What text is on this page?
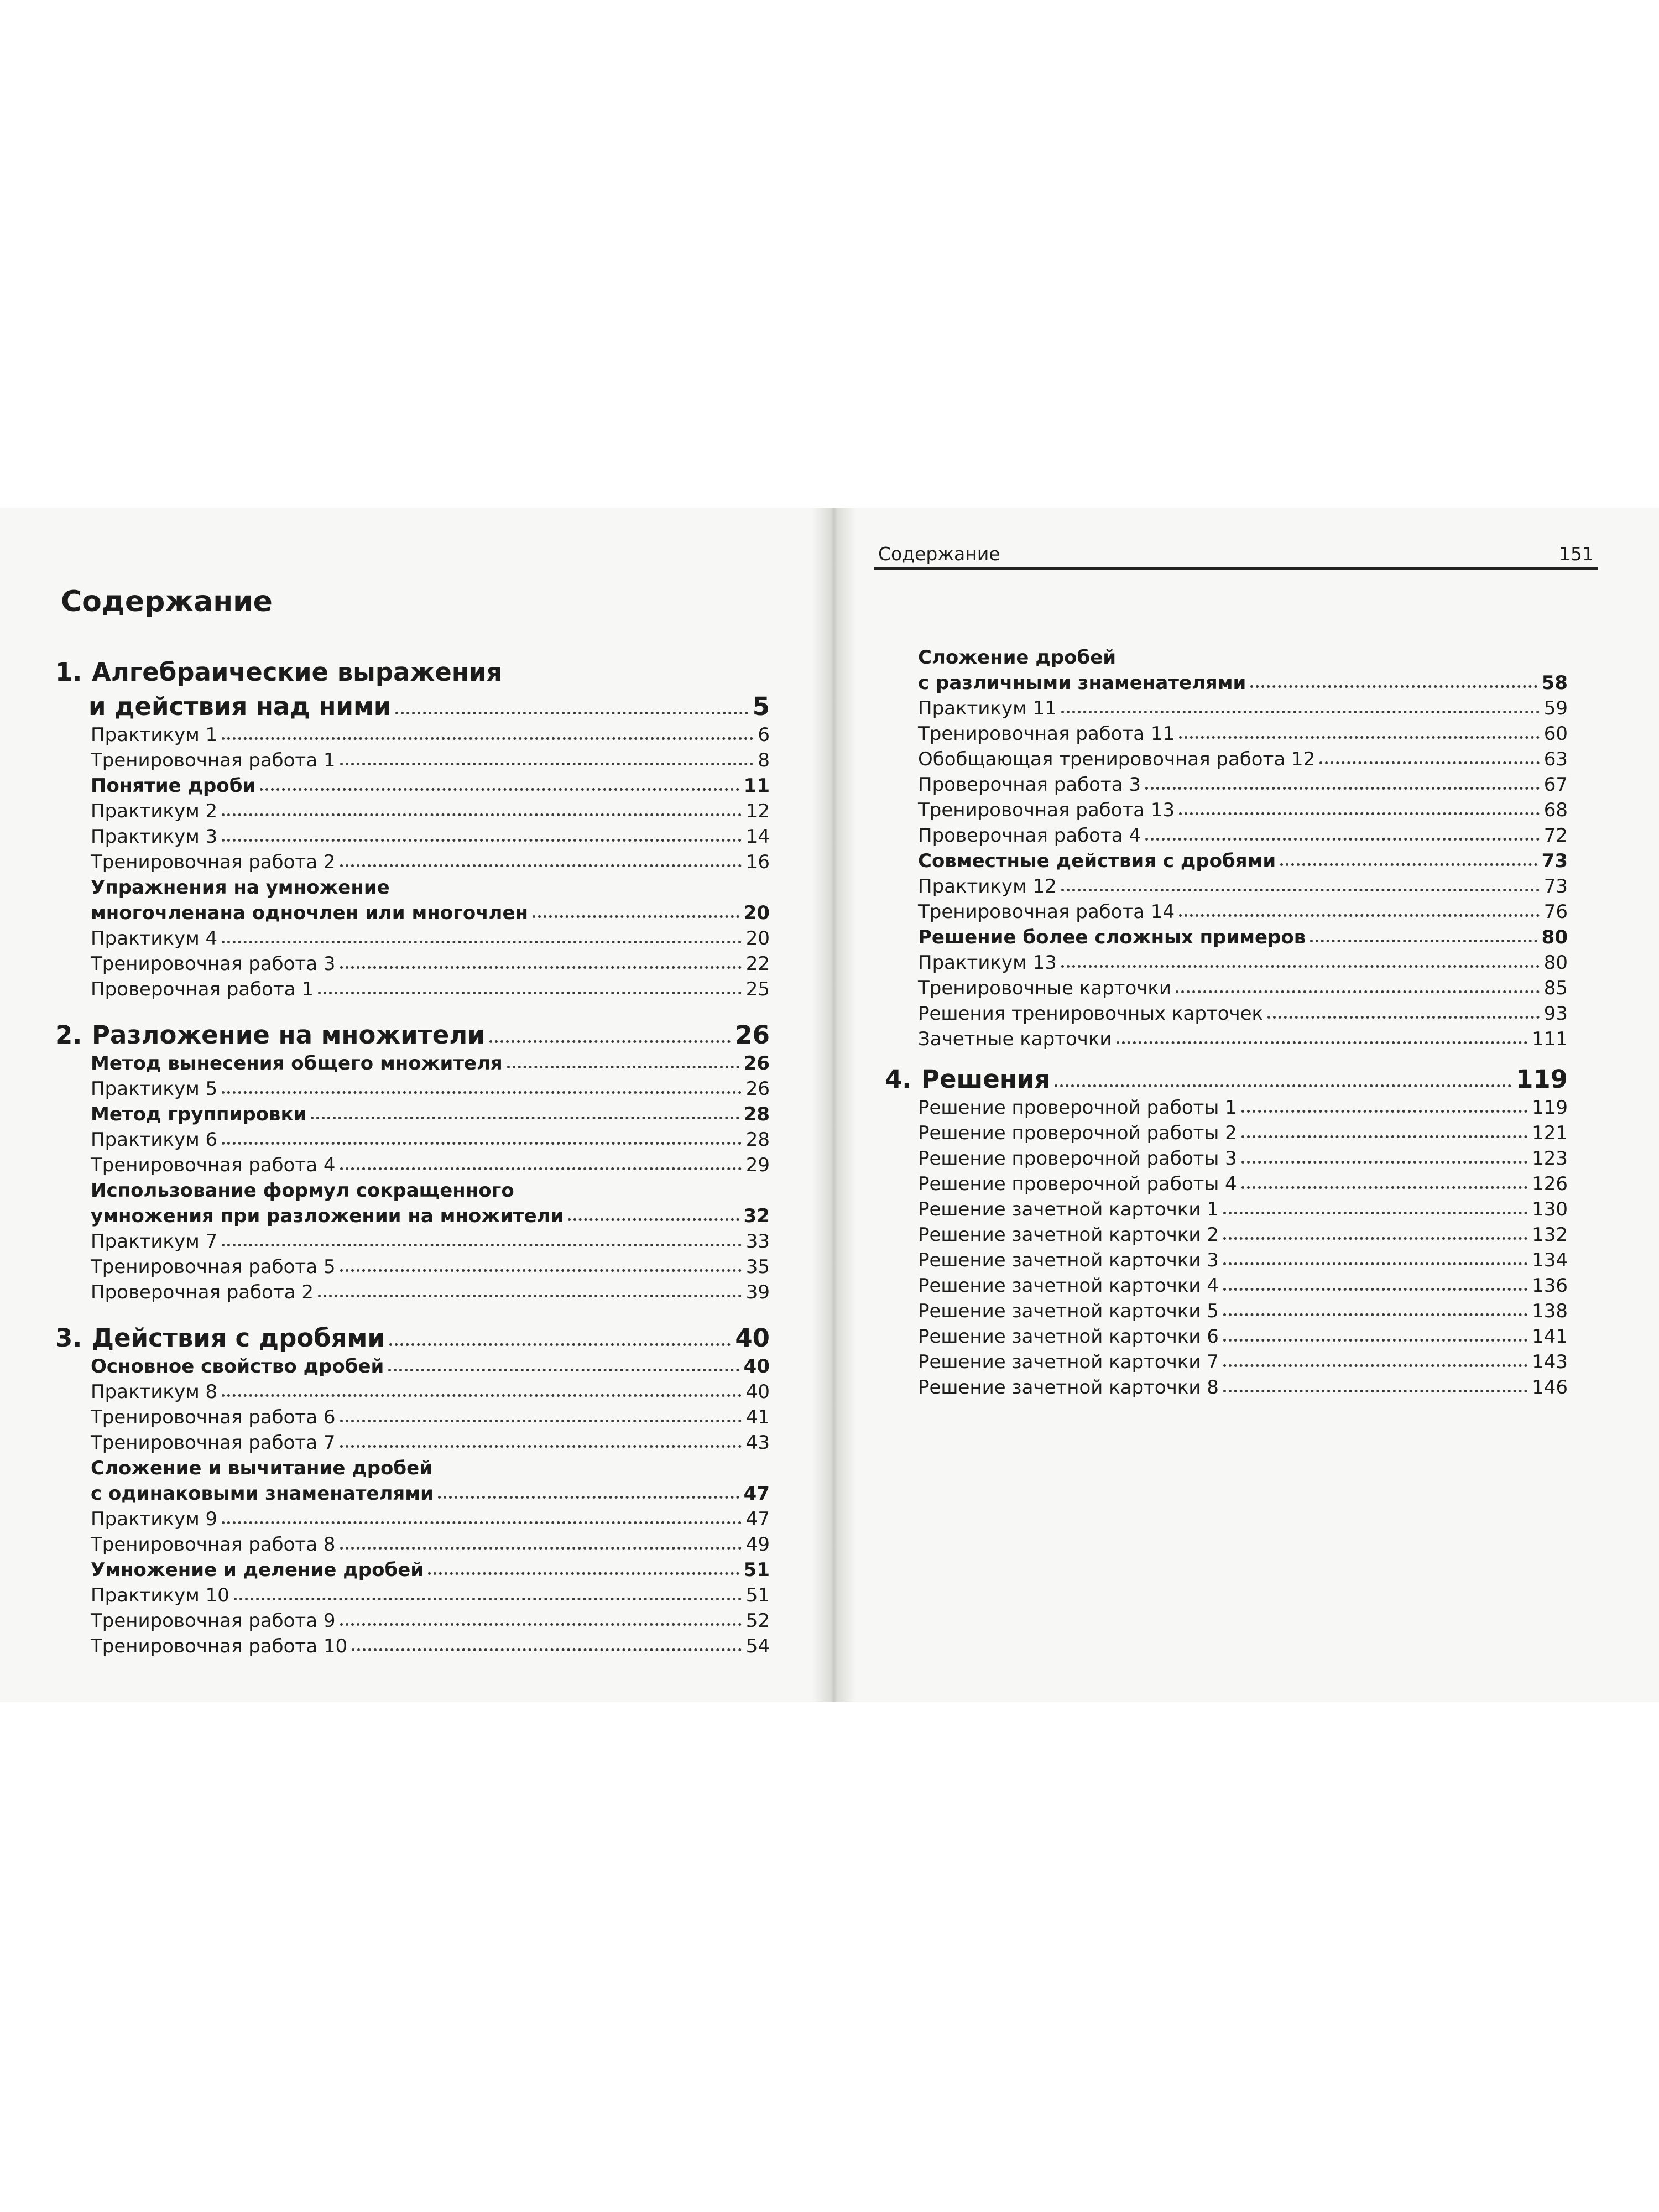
Содержание
1. Алгебраические выражения
и действия над ними	5
Практикум 1	6
Тренировочная работа 1	8
Понятие дроби	11
Практикум 2	12
Практикум 3	14
Тренировочная работа 2	16
Упражнения на умножение
многочленана одночлен или многочлен	20
Практикум 4	20
Тренировочная работа 3	22
Проверочная работа 1	25
2. Разложение на множители	26
Метод вынесения общего множителя	26
Практикум 5	26
Метод группировки	28
Практикум 6	28
Тренировочная работа 4	29
Использование формул сокращенного
умножения при разложении на множители	32
Практикум 7	33
Тренировочная работа 5	35
Проверочная работа 2	39
3. Действия с дробями	40
Основное свойство дробей	40
Практикум 8	40
Тренировочная работа 6	41
Тренировочная работа 7	43
Сложение и вычитание дробей
с одинаковыми знаменателями	47
Практикум 9	47
Тренировочная работа 8	49
Умножение и деление дробей	51
Практикум 10	51
Тренировочная работа 9	52
Тренировочная работа 10	54
Содержание	151
Сложение дробей
с различными знаменателями	58
Практикум 11	59
Тренировочная работа 11	60
Обобщающая тренировочная работа 12	63
Проверочная работа 3	67
Тренировочная работа 13	68
Проверочная работа 4	72
Совместные действия с дробями	73
Практикум 12	73
Тренировочная работа 14	76
Решение более сложных примеров	80
Практикум 13	80
Тренировочные карточки	85
Решения тренировочных карточек	93
Зачетные карточки	111
4. Решения	119
Решение проверочной работы 1	119
Решение проверочной работы 2	121
Решение проверочной работы 3	123
Решение проверочной работы 4	126
Решение зачетной карточки 1	130
Решение зачетной карточки 2	132
Решение зачетной карточки 3	134
Решение зачетной карточки 4	136
Решение зачетной карточки 5	138
Решение зачетной карточки 6	141
Решение зачетной карточки 7	143
Решение зачетной карточки 8	146
